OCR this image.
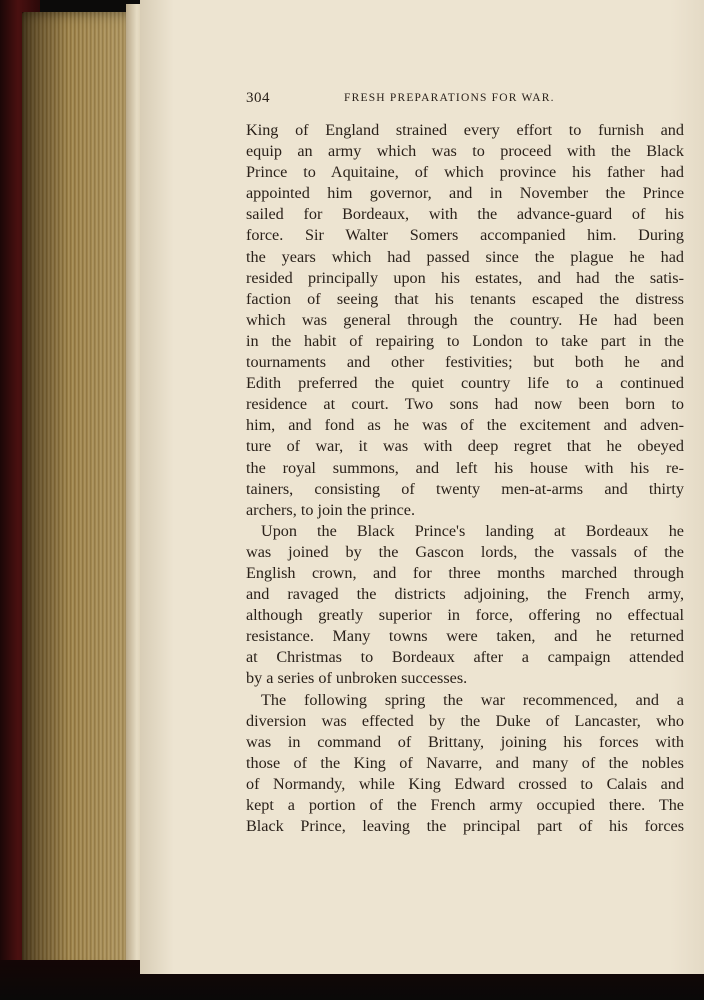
304	FRESH PREPARATIONS FOR WAR.
King of England strained every effort to furnish and
equip an army which was to proceed with the Black
Prince to Aquitaine, of which province his father had
appointed him governor, and in November the Prince
sailed for Bordeaux, with the advance-guard of his
force. Sir Walter Somers accompanied him. During
the years which had passed since the plague he had
resided principally upon his estates, and had the satis-
faction of seeing that his tenants escaped the distress
which was general through the country. He had been
in the habit of repairing to London to take part in the
tournaments and other festivities; but both he and
Edith preferred the quiet country life to a continued
residence at court. Two sons had now been born to
him, and fond as he was of the excitement and adven-
ture of war, it was with deep regret that he obeyed
the royal summons, and left his house with his re-
tainers, consisting of twenty men-at-arms and thirty
archers, to join the prince.
Upon the Black Prince's landing at Bordeaux he
was joined by the Gascon lords, the vassals of the
English crown, and for three months marched through
and ravaged the districts adjoining, the French army,
although greatly superior in force, offering no effectual
resistance. Many towns were taken, and he returned
at Christmas to Bordeaux after a campaign attended
by a series of unbroken successes.
The following spring the war recommenced, and a
diversion was effected by the Duke of Lancaster, who
was in command of Brittany, joining his forces with
those of the King of Navarre, and many of the nobles
of Normandy, while King Edward crossed to Calais and
kept a portion of the French army occupied there. The
Black Prince, leaving the principal part of his forces
